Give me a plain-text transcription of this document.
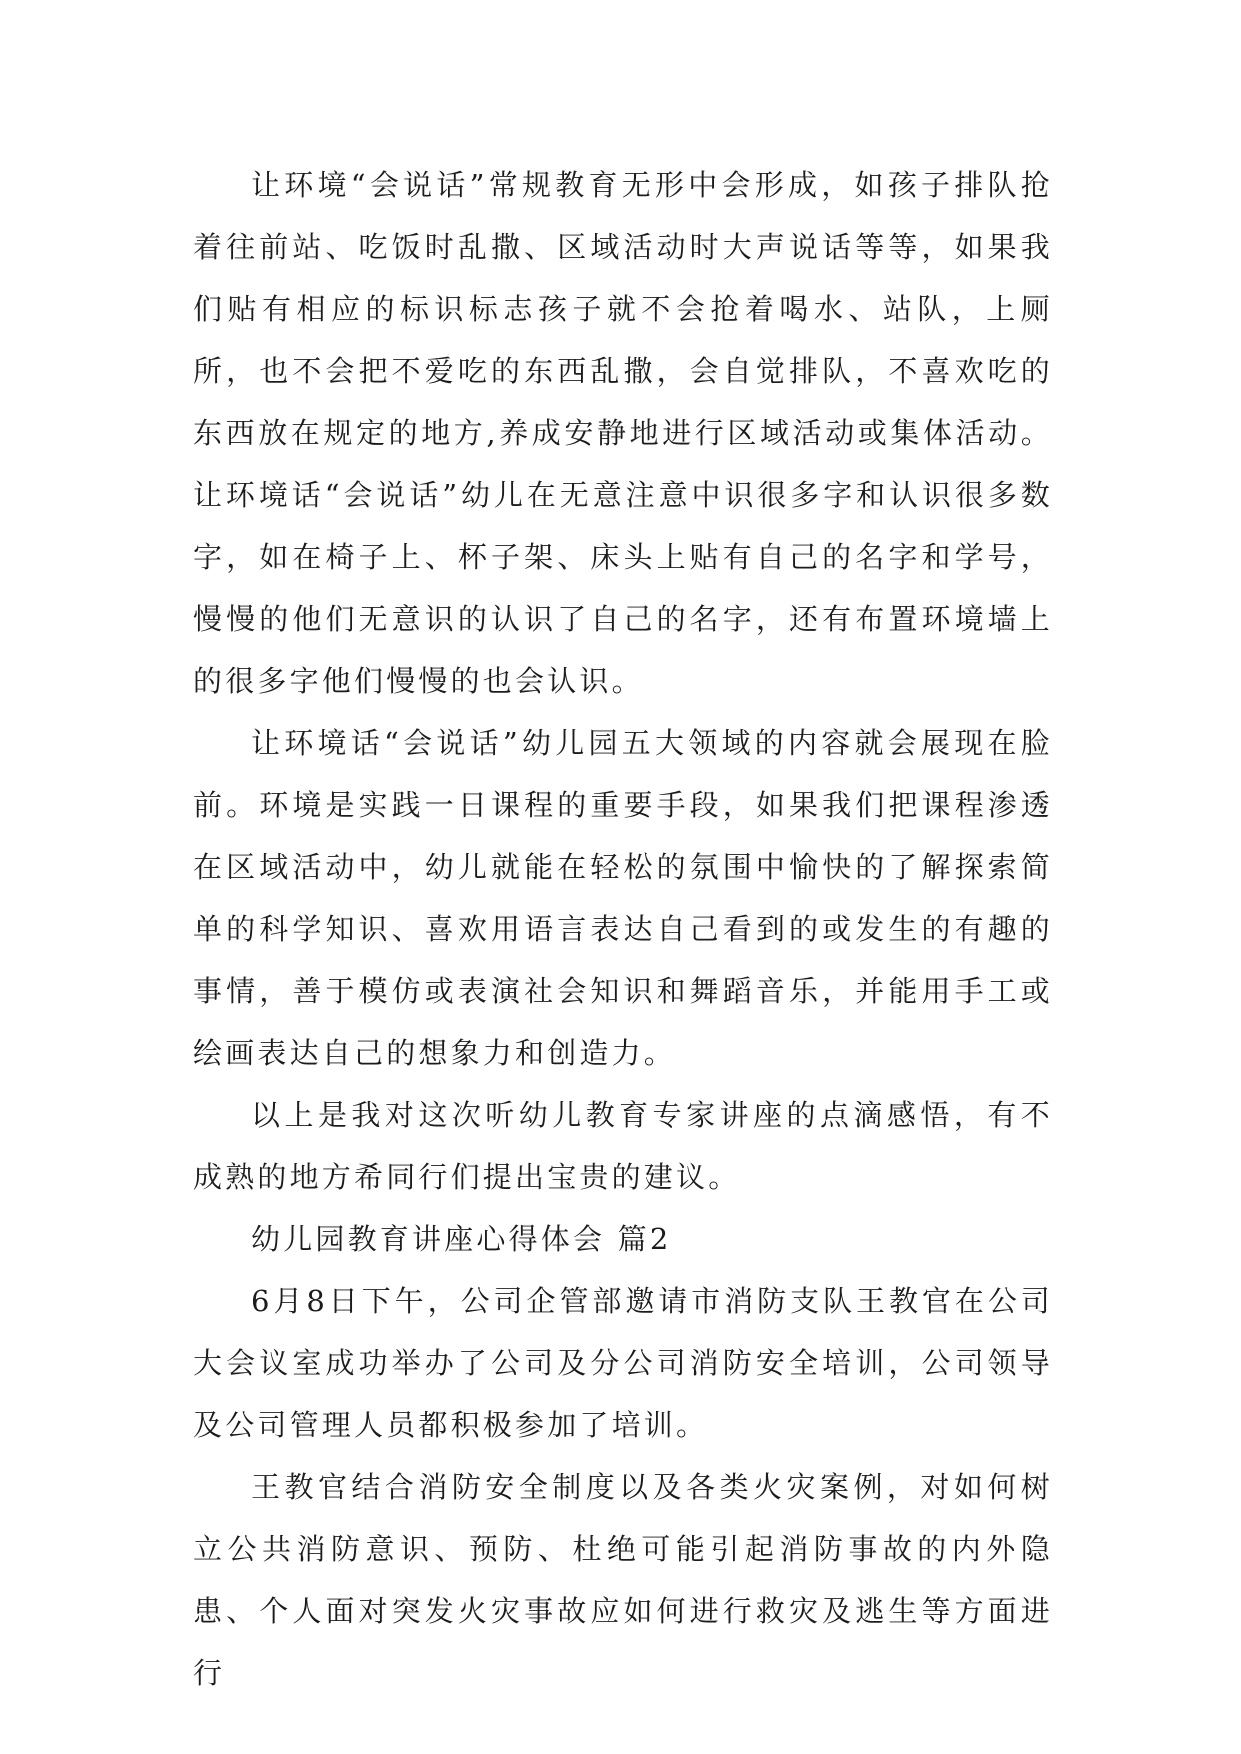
让环境“会说话”常规教育无形中会形成，如孩子排队抢着往前站、吃饭时乱撒、区域活动时大声说话等等，如果我们贴有相应的标识标志孩子就不会抢着喝水、站队，上厕所，也不会把不爱吃的东西乱撒，会自觉排队，不喜欢吃的东西放在规定的地方,养成安静地进行区域活动或集体活动。让环境话“会说话”幼儿在无意注意中识很多字和认识很多数字，如在椅子上、杯子架、床头上贴有自己的名字和学号，慢慢的他们无意识的认识了自己的名字，还有布置环境墙上的很多字他们慢慢的也会认识。

让环境话“会说话”幼儿园五大领域的内容就会展现在脸前。环境是实践一日课程的重要手段，如果我们把课程渗透在区域活动中，幼儿就能在轻松的氛围中愉快的了解探索简单的科学知识、喜欢用语言表达自己看到的或发生的有趣的事情，善于模仿或表演社会知识和舞蹈音乐，并能用手工或绘画表达自己的想象力和创造力。

以上是我对这次听幼儿教育专家讲座的点滴感悟，有不成熟的地方希同行们提出宝贵的建议。

幼儿园教育讲座心得体会 篇2

6月8日下午，公司企管部邀请市消防支队王教官在公司大会议室成功举办了公司及分公司消防安全培训，公司领导及公司管理人员都积极参加了培训。

王教官结合消防安全制度以及各类火灾案例，对如何树立公共消防意识、预防、杜绝可能引起消防事故的内外隐患、个人面对突发火灾事故应如何进行救灾及逃生等方面进行
